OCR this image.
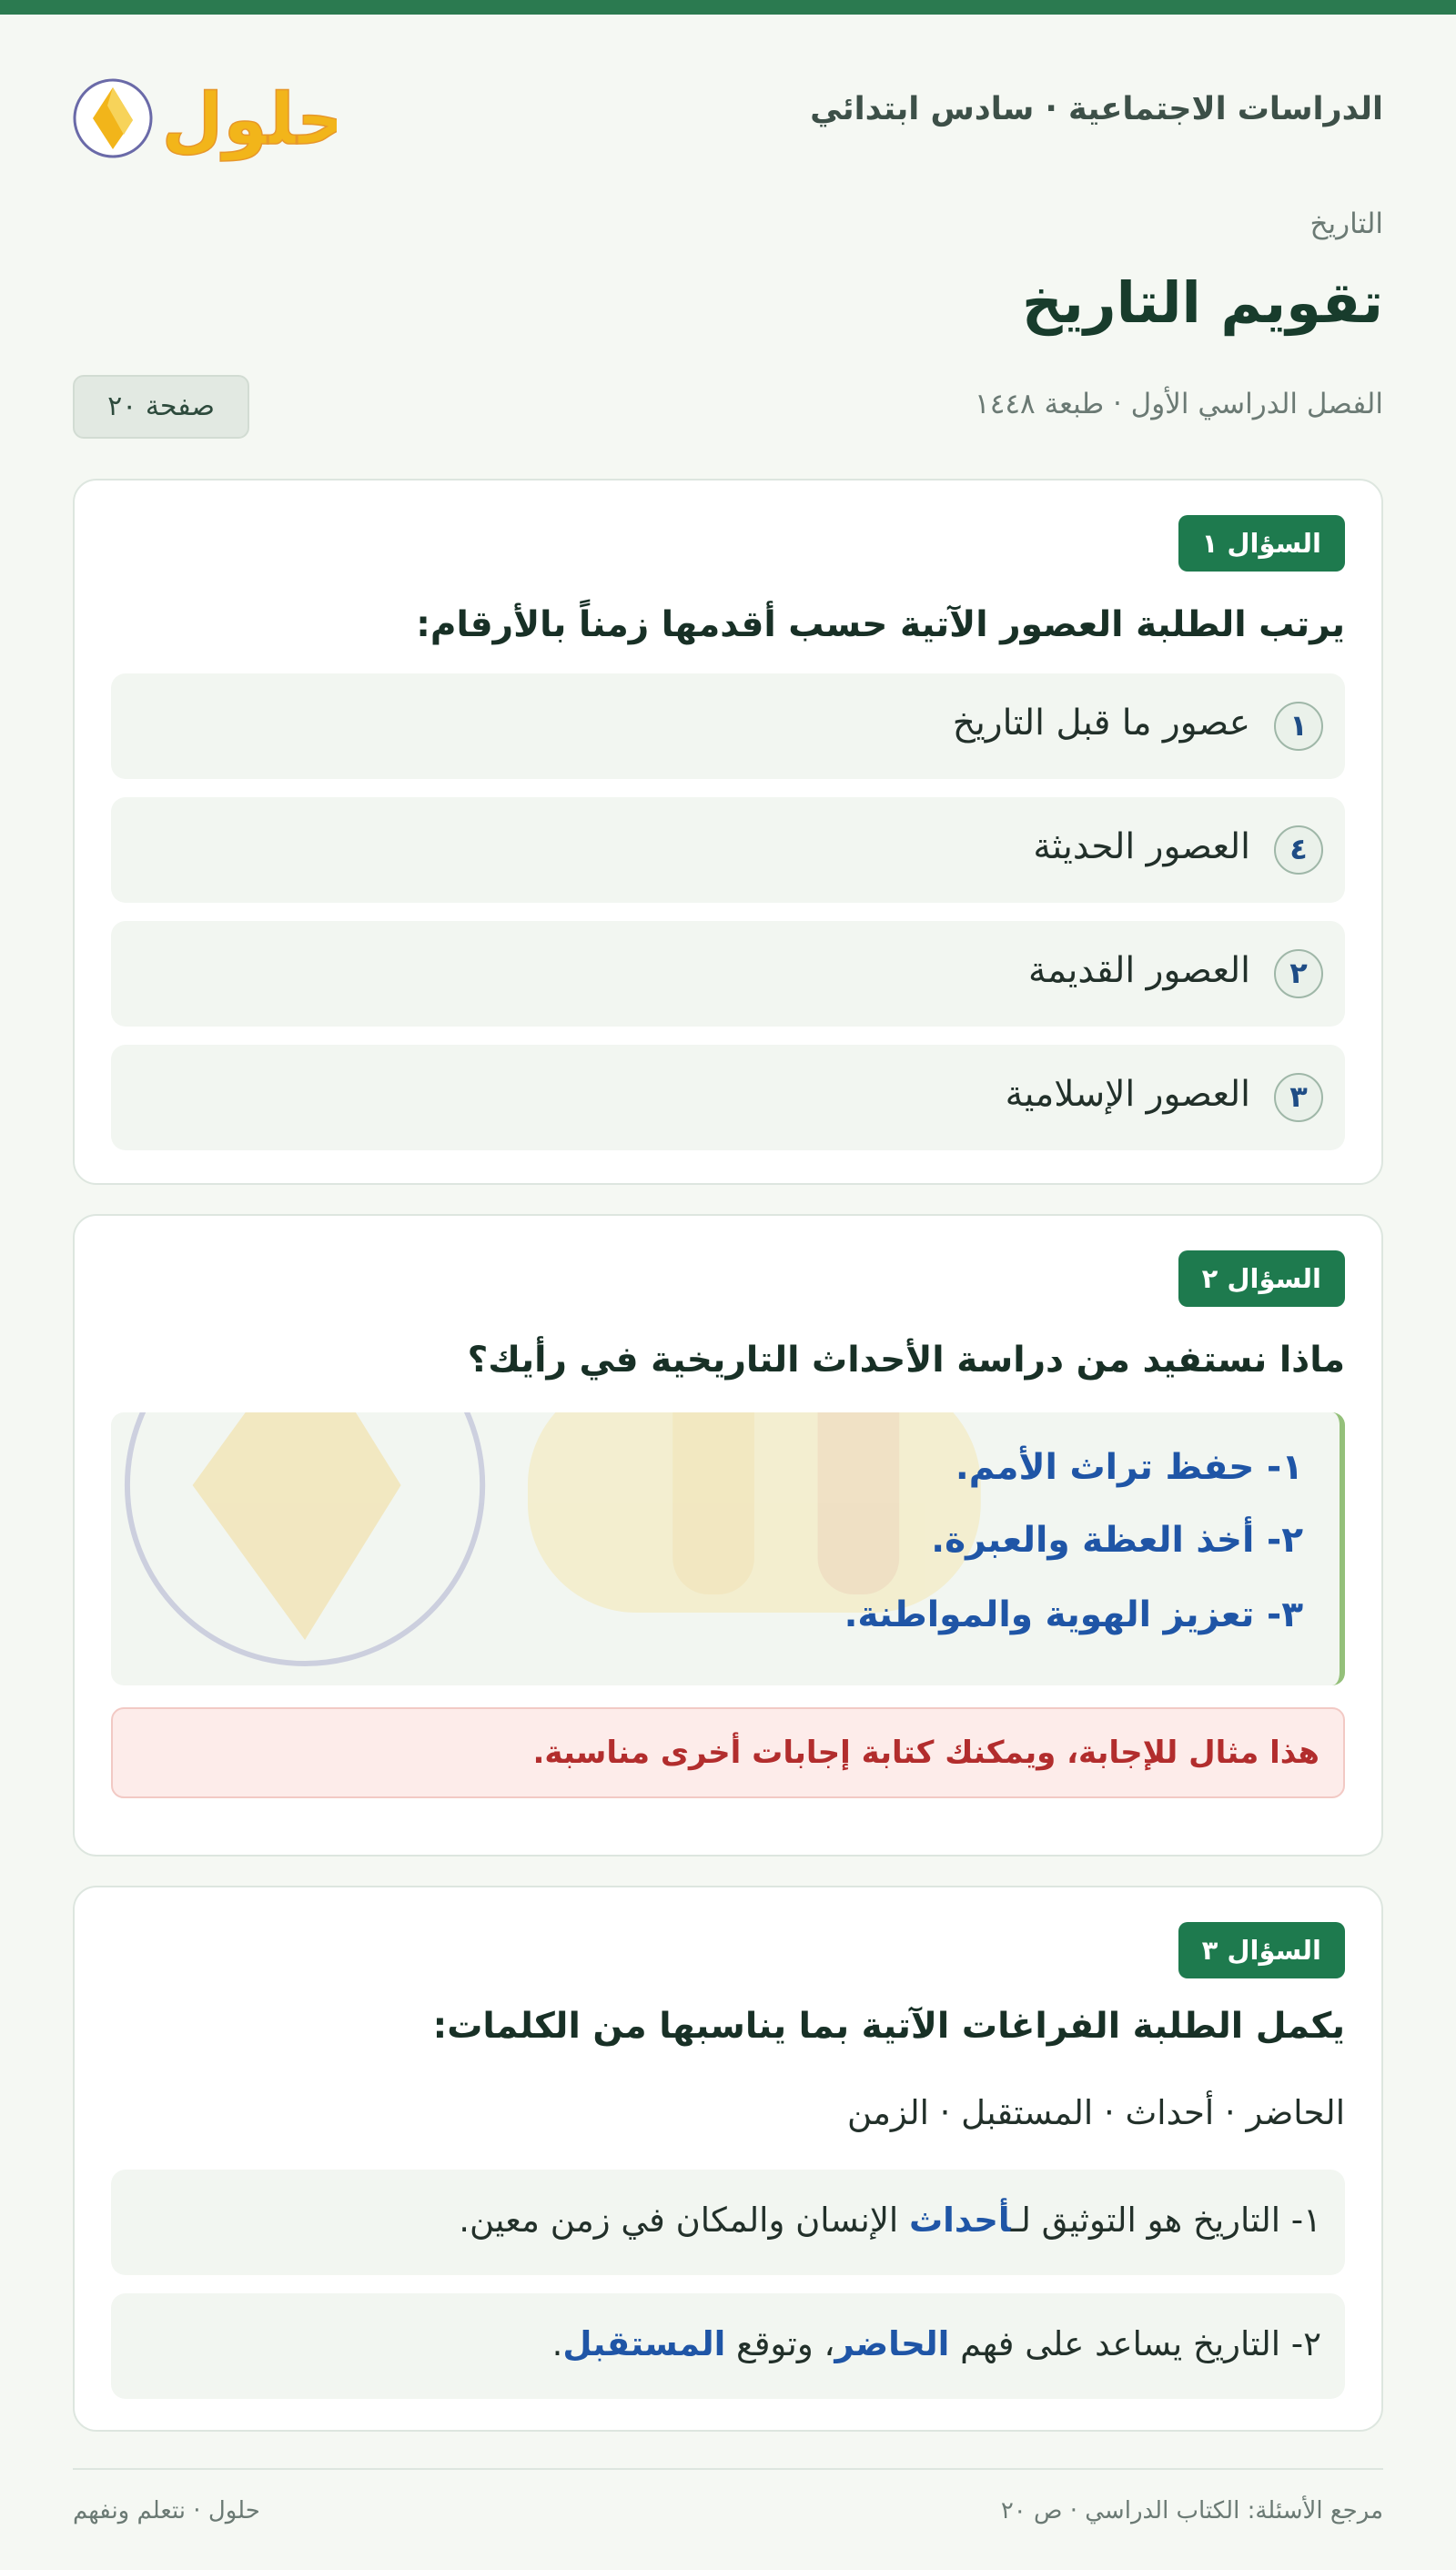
الدراسات الاجتماعية · سادس ابتدائي
حلول
التاريخ
تقويم التاريخ
الفصل الدراسي الأول · طبعة ١٤٤٨
صفحة ٢٠
السؤال ١
يرتب الطلبة العصور الآتية حسب أقدمها زمناً بالأرقام:
١
عصور ما قبل التاريخ
٤
العصور الحديثة
٢
العصور القديمة
٣
العصور الإسلامية
السؤال ٢
ماذا نستفيد من دراسة الأحداث التاريخية في رأيك؟
١- حفظ تراث الأمم.
٢- أخذ العظة والعبرة.
٣- تعزيز الهوية والمواطنة.
هذا مثال للإجابة، ويمكنك كتابة إجابات أخرى مناسبة.
السؤال ٣
يكمل الطلبة الفراغات الآتية بما يناسبها من الكلمات:
الحاضر · أحداث · المستقبل · الزمن
١- التاريخ هو التوثيق لـأحداث الإنسان والمكان في زمن معين.
٢- التاريخ يساعد على فهم الحاضر، وتوقع المستقبل.
مرجع الأسئلة: الكتاب الدراسي · ص ٢٠
حلول · نتعلم ونفهم
